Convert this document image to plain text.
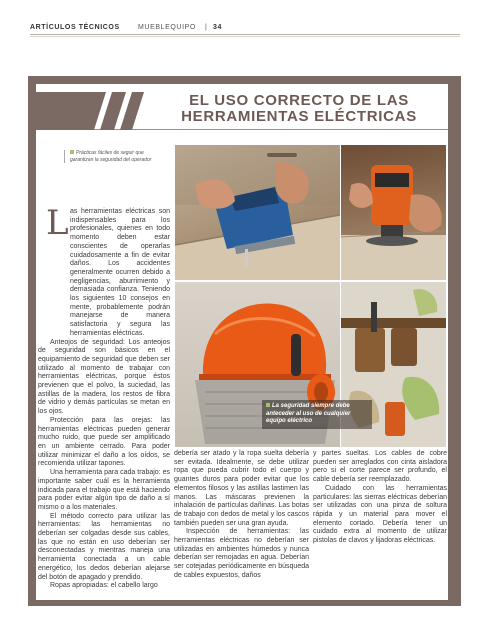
ARTÍCULOS TÉCNICOS	MUEBLEQUIPO | 34
EL USO CORRECTO DE LAS HERRAMIENTAS ELÉCTRICAS
Prácticas fáciles de seguir que garantizan la seguridad del operador
La seguridad siempre debe anteceder al uso de cualquier equipo eléctrico
L as herramientas eléctricas son indispensables para los profesionales, quienes en todo momento deben estar conscientes de operarlas cuidadosamente a fin de evitar daños. Los accidentes generalmente ocurren debido a negligencias, aburrimiento y demasiada confianza. Teniendo los siguientes 10 consejos en mente, probablemente podrán manejarse de manera satisfactoria y segura las herramientas eléctricas.

Anteojos de seguridad: Los anteojos de seguridad son básicos en el equipamiento de seguridad que deben ser utilizado al momento de trabajar con herramientas eléctricas, porque éstos previenen que el polvo, la suciedad, las astillas de la madera, los restos de fibra de vidrio y demás partículas se metan en los ojos.

Protección para las orejas: las herramientas eléctricas pueden generar mucho ruido, que puede ser amplificado en un ambiente cerrado. Para poder utilizar minimizar el daño a los oídos, se recomienda utilizar tapones.

Una herramienta para cada trabajo: es importante saber cuál es la herramienta indicada para el trabajo que está haciendo para poder evitar algún tipo de daño a sí mismo o a los materiales.

El método correcto para utilizar las herramientas: las herramientas no deberían ser colgadas desde sus cables, las que no están en uso deberían ser desconectadas y mientras maneja una herramienta conectada a un cable energético, los dedos deberían alejarse del botón de apagado y prendido.

Ropas apropiadas: el cabello largo

debería ser atado y la ropa suelta debería ser evitada. Idealmente, se debe utilizar ropa que pueda cubrir todo el cuerpo y guantes duros para poder evitar que los elementos filosos y las astillas lastimen las manos. Las máscaras previenen la inhalación de partículas dañinas. Las botas de trabajo con dedos de metal y los cascos también pueden ser una gran ayuda.

Inspección de herramientas: las herramientas eléctricas no deberían ser utilizadas en ambientes húmedos y nunca deberían ser remojadas en agua. Deberían ser cotejadas periódicamente en búsqueda de cables expuestos, daños

y partes sueltas. Los cables de cobre pueden ser arreglados con cinta aisladora pero si el corte parece ser profundo, el cable debería ser reemplazado.

Cuidado con las herramientas particulares: las sierras eléctricas deberían ser utilizadas con una pinza de soltura rápida y un material para mover el elemento cortado. Debería tener un cuidado extra al momento de utilizar pistolas de clavos y lijadoras eléctricas.
